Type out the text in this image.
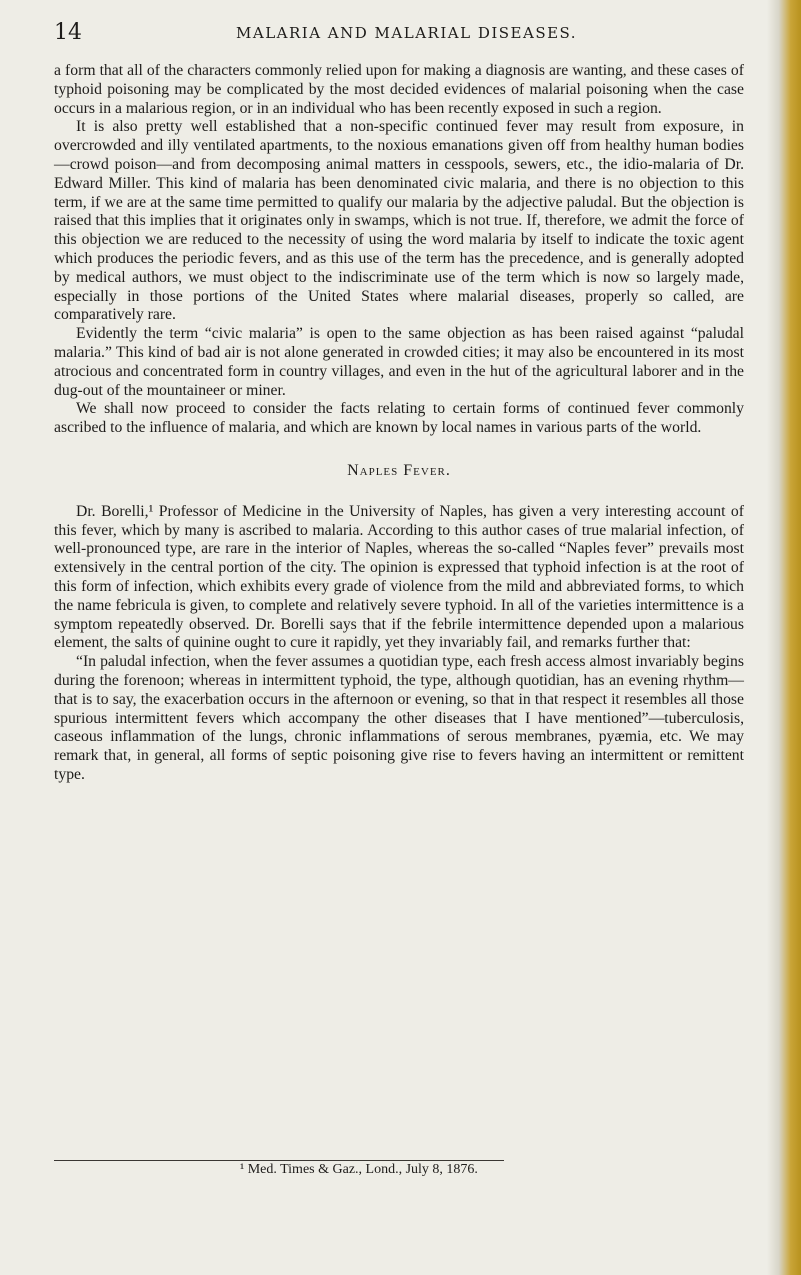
14	MALARIA AND MALARIAL DISEASES.

a form that all of the characters commonly relied upon for making a diagnosis are wanting, and these cases of typhoid poisoning may be complicated by the most decided evidences of malarial poisoning when the case occurs in a malarious region, or in an individual who has been recently exposed in such a region.

It is also pretty well established that a non-specific continued fever may result from exposure, in overcrowded and illy ventilated apartments, to the noxious emanations given off from healthy human bodies—crowd poison—and from decomposing animal matters in cesspools, sewers, etc., the idio-malaria of Dr. Edward Miller. This kind of malaria has been denominated civic malaria, and there is no objection to this term, if we are at the same time permitted to qualify our malaria by the adjective paludal. But the objection is raised that this implies that it originates only in swamps, which is not true. If, therefore, we admit the force of this objection we are reduced to the necessity of using the word malaria by itself to indicate the toxic agent which produces the periodic fevers, and as this use of the term has the precedence, and is generally adopted by medical authors, we must object to the indiscriminate use of the term which is now so largely made, especially in those portions of the United States where malarial diseases, properly so called, are comparatively rare.

Evidently the term “civic malaria” is open to the same objection as has been raised against “paludal malaria.” This kind of bad air is not alone generated in crowded cities; it may also be encountered in its most atrocious and concentrated form in country villages, and even in the hut of the agricultural laborer and in the dug-out of the mountaineer or miner.

We shall now proceed to consider the facts relating to certain forms of continued fever commonly ascribed to the influence of malaria, and which are known by local names in various parts of the world.

Naples Fever.

Dr. Borelli,¹ Professor of Medicine in the University of Naples, has given a very interesting account of this fever, which by many is ascribed to malaria. According to this author cases of true malarial infection, of well-pronounced type, are rare in the interior of Naples, whereas the so-called “Naples fever” prevails most extensively in the central portion of the city. The opinion is expressed that typhoid infection is at the root of this form of infection, which exhibits every grade of violence from the mild and abbreviated forms, to which the name febricula is given, to complete and relatively severe typhoid. In all of the varieties intermittence is a symptom repeatedly observed. Dr. Borelli says that if the febrile intermittence depended upon a malarious element, the salts of quinine ought to cure it rapidly, yet they invariably fail, and remarks further that:

“In paludal infection, when the fever assumes a quotidian type, each fresh access almost invariably begins during the forenoon; whereas in intermittent typhoid, the type, although quotidian, has an evening rhythm—that is to say, the exacerbation occurs in the afternoon or evening, so that in that respect it resembles all those spurious intermittent fevers which accompany the other diseases that I have mentioned”—tuberculosis, caseous inflammation of the lungs, chronic inflammations of serous membranes, pyæmia, etc. We may remark that, in general, all forms of septic poisoning give rise to fevers having an intermittent or remittent type.

¹ Med. Times & Gaz., Lond., July 8, 1876.
